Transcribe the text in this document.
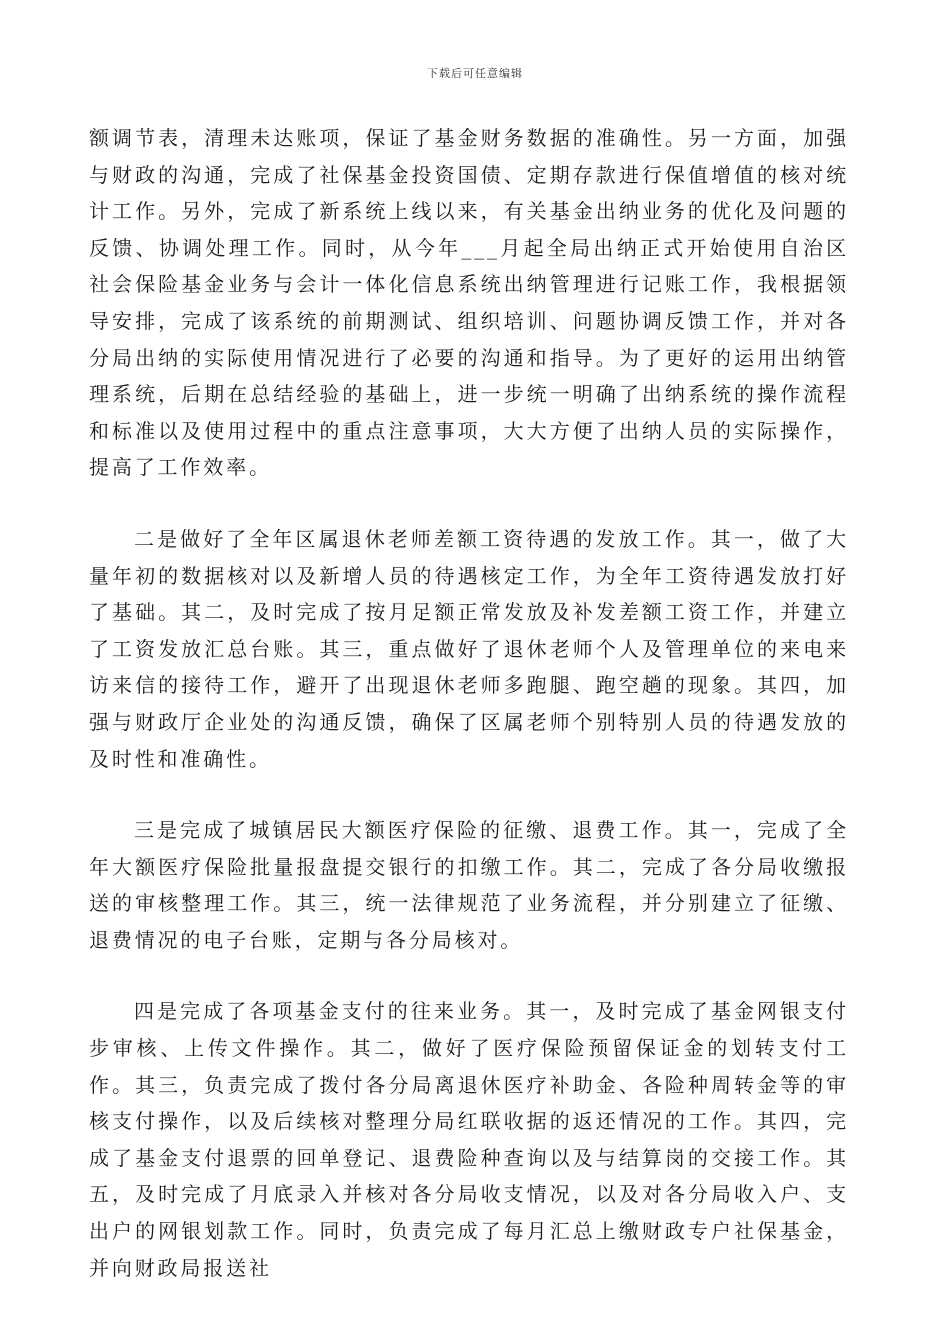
下载后可任意编辑

额调节表，清理未达账项，保证了基金财务数据的准确性。另一方面，加强与财政的沟通，完成了社保基金投资国债、定期存款进行保值增值的核对统计工作。另外，完成了新系统上线以来，有关基金出纳业务的优化及问题的反馈、协调处理工作。同时，从今年___月起全局出纳正式开始使用自治区社会保险基金业务与会计一体化信息系统出纳管理进行记账工作，我根据领导安排，完成了该系统的前期测试、组织培训、问题协调反馈工作，并对各分局出纳的实际使用情况进行了必要的沟通和指导。为了更好的运用出纳管理系统，后期在总结经验的基础上，进一步统一明确了出纳系统的操作流程和标准以及使用过程中的重点注意事项，大大方便了出纳人员的实际操作，提高了工作效率。

二是做好了全年区属退休老师差额工资待遇的发放工作。其一，做了大量年初的数据核对以及新增人员的待遇核定工作，为全年工资待遇发放打好了基础。其二，及时完成了按月足额正常发放及补发差额工资工作，并建立了工资发放汇总台账。其三，重点做好了退休老师个人及管理单位的来电来访来信的接待工作，避开了出现退休老师多跑腿、跑空趟的现象。其四，加强与财政厅企业处的沟通反馈，确保了区属老师个别特别人员的待遇发放的及时性和准确性。

三是完成了城镇居民大额医疗保险的征缴、退费工作。其一，完成了全年大额医疗保险批量报盘提交银行的扣缴工作。其二，完成了各分局收缴报送的审核整理工作。其三，统一法律规范了业务流程，并分别建立了征缴、退费情况的电子台账，定期与各分局核对。

四是完成了各项基金支付的往来业务。其一，及时完成了基金网银支付步审核、上传文件操作。其二，做好了医疗保险预留保证金的划转支付工作。其三，负责完成了拨付各分局离退休医疗补助金、各险种周转金等的审核支付操作，以及后续核对整理分局红联收据的返还情况的工作。其四，完成了基金支付退票的回单登记、退费险种查询以及与结算岗的交接工作。其五，及时完成了月底录入并核对各分局收支情况，以及对各分局收入户、支出户的网银划款工作。同时，负责完成了每月汇总上缴财政专户社保基金，并向财政局报送社
